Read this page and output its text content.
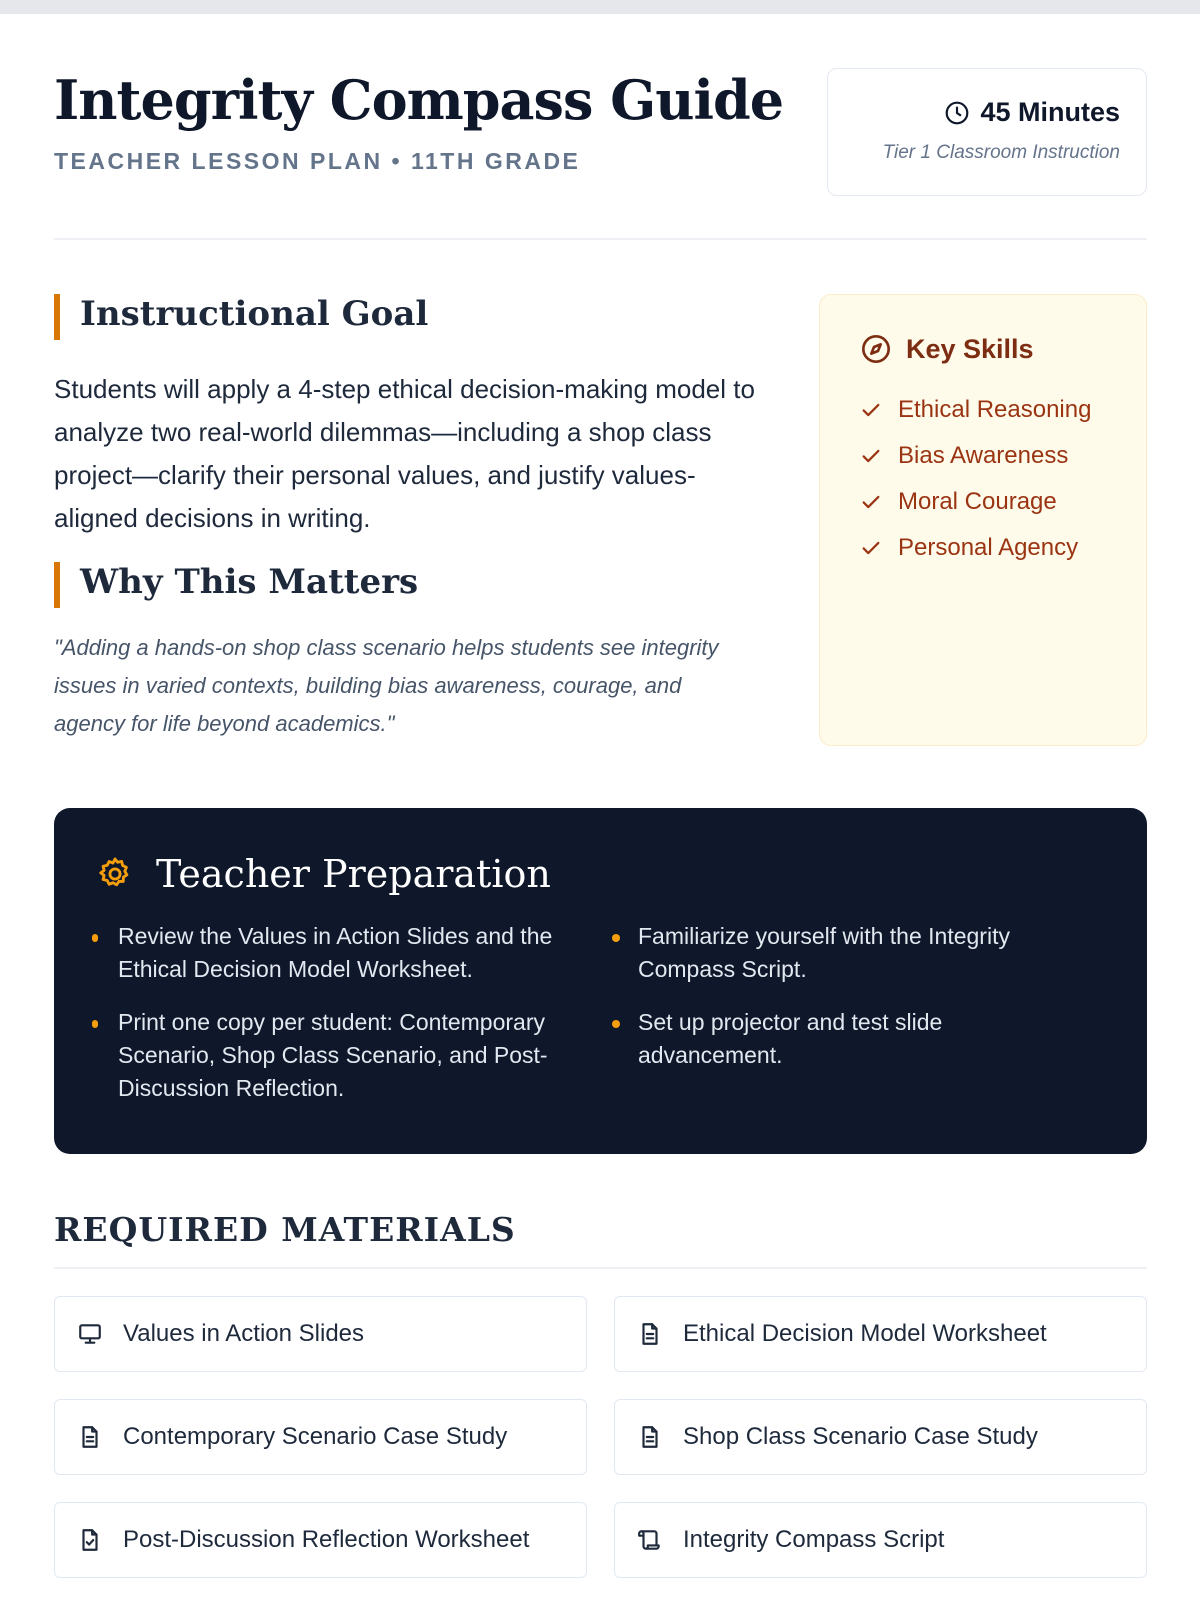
Integrity Compass Guide
TEACHER LESSON PLAN • 11TH GRADE
45 Minutes
Tier 1 Classroom Instruction
Instructional Goal

Students will apply a 4-step ethical decision-making model to analyze two real-world dilemmas—including a shop class project—clarify their personal values, and justify values-aligned decisions in writing.

Why This Matters

"Adding a hands-on shop class scenario helps students see integrity issues in varied contexts, building bias awareness, courage, and agency for life beyond academics."

Key Skills
Ethical Reasoning
Bias Awareness
Moral Courage
Personal Agency
Teacher Preparation
Review the Values in Action Slides and the Ethical Decision Model Worksheet.
Familiarize yourself with the Integrity Compass Script.
Print one copy per student: Contemporary Scenario, Shop Class Scenario, and Post-Discussion Reflection.
Set up projector and test slide advancement.
REQUIRED MATERIALS
Values in Action Slides	Ethical Decision Model Worksheet
Contemporary Scenario Case Study	Shop Class Scenario Case Study
Post-Discussion Reflection Worksheet	Integrity Compass Script
